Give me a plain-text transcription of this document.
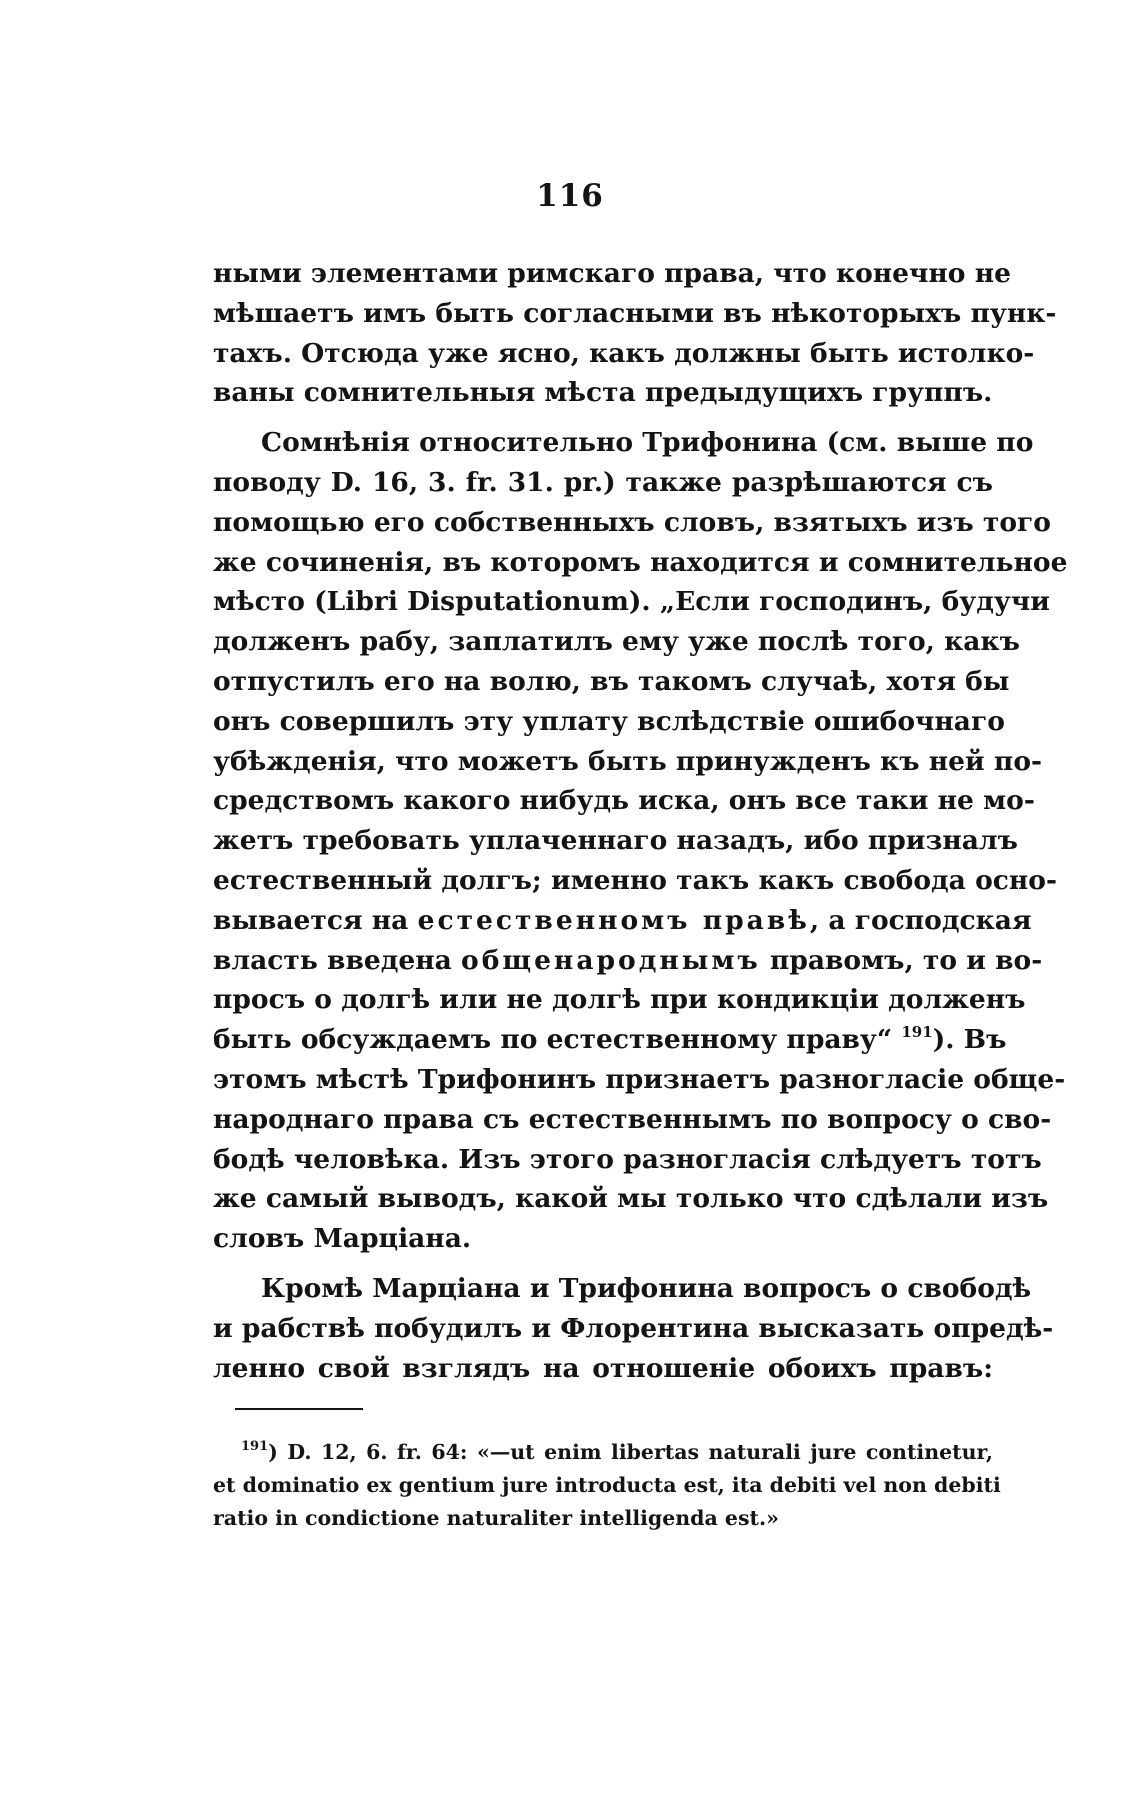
116
ными элементами римскаго права, что конечно не
мѣшаетъ имъ быть согласными въ нѣкоторыхъ пунк-
тахъ. Отсюда уже ясно, какъ должны быть истолко-
ваны сомнительныя мѣста предыдущихъ группъ.
Сомнѣнія относительно Трифонина (см. выше по
поводу D. 16, 3. fr. 31. pr.) также разрѣшаются съ
помощью его собственныхъ словъ, взятыхъ изъ того
же сочиненія, въ которомъ находится и сомнительное
мѣсто (Libri Disputationum). „Если господинъ, будучи
долженъ рабу, заплатилъ ему уже послѣ того, какъ
отпустилъ его на волю, въ такомъ случаѣ, хотя бы
онъ совершилъ эту уплату вслѣдствіе ошибочнаго
убѣжденія, что можетъ быть принужденъ къ ней по-
средствомъ какого нибудь иска, онъ все таки не мо-
жетъ требовать уплаченнаго назадъ, ибо призналъ
естественный долгъ; именно такъ какъ свобода осно-
вывается на естественномъ правѣ, а господская
власть введена общенароднымъ правомъ, то и во-
просъ о долгѣ или не долгѣ при кондикціи долженъ
быть обсуждаемъ по естественному праву“ $^{191}$). Въ
этомъ мѣстѣ Трифонинъ признаетъ разногласіе обще-
народнаго права съ естественнымъ по вопросу о сво-
бодѣ человѣка. Изъ этого разногласія слѣдуетъ тотъ
же самый выводъ, какой мы только что сдѣлали изъ
словъ Марціана.
Кромѣ Марціана и Трифонина вопросъ о свободѣ
и рабствѣ побудилъ и Флорентина высказать опредѣ-
ленно свой взглядъ на отношеніе обоихъ правъ:
$^{191}$) D. 12, 6. fr. 64: «—ut enim libertas naturali jure continetur,
et dominatio ex gentium jure introducta est, ita debiti vel non debiti
ratio in condictione naturaliter intelligenda est.»
